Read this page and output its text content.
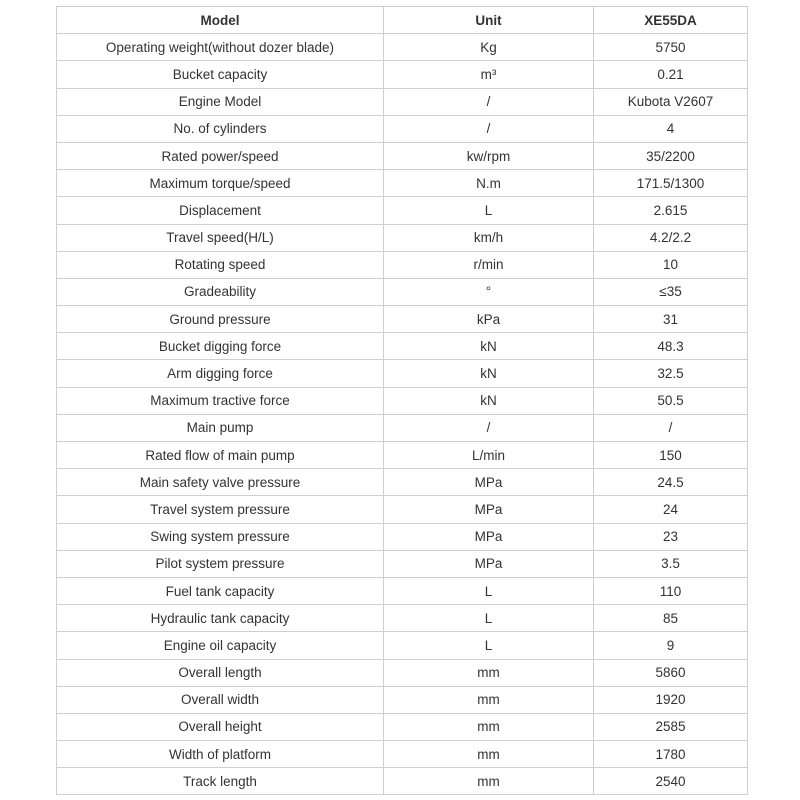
Model	Unit	XE55DA
Operating weight(without dozer blade)	Kg	5750
Bucket capacity	m³	0.21
Engine Model	/	Kubota V2607
No. of cylinders	/	4
Rated power/speed	kw/rpm	35/2200
Maximum torque/speed	N.m	171.5/1300
Displacement	L	2.615
Travel speed(H/L)	km/h	4.2/2.2
Rotating speed	r/min	10
Gradeability	°	≤35
Ground pressure	kPa	31
Bucket digging force	kN	48.3
Arm digging force	kN	32.5
Maximum tractive force	kN	50.5
Main pump	/	/
Rated flow of main pump	L/min	150
Main safety valve pressure	MPa	24.5
Travel system pressure	MPa	24
Swing system pressure	MPa	23
Pilot system pressure	MPa	3.5
Fuel tank capacity	L	110
Hydraulic tank capacity	L	85
Engine oil capacity	L	9
Overall length	mm	5860
Overall width	mm	1920
Overall height	mm	2585
Width of platform	mm	1780
Track length	mm	2540
